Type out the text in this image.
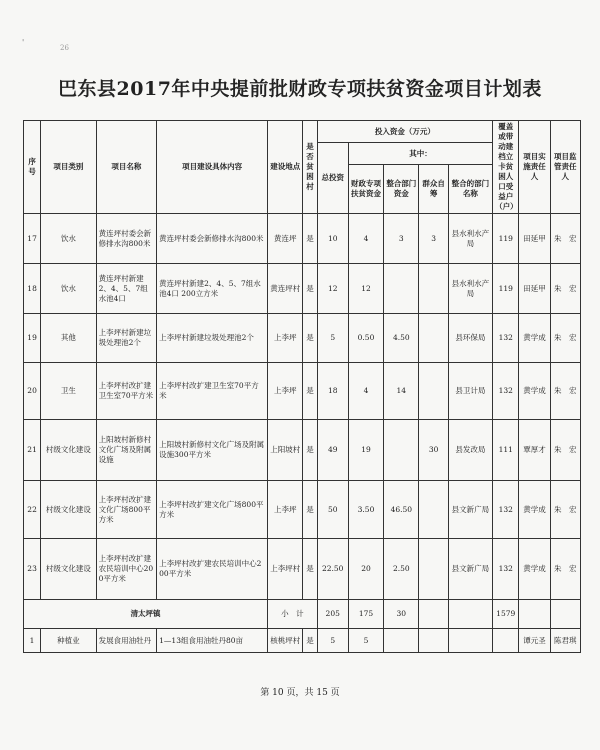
'
26
巴东县2017年中央提前批财政专项扶贫资金项目计划表
序号	项目类别	项目名称	项目建设具体内容	建设地点	是否贫困村	投入资金（万元）					覆盖或带动建档立卡贫困人口受益户（户）	项目实施责任人	项目监管责任人
						总投资	其中：						
							财政专项扶贫资金	整合部门资金	群众自筹	整合的部门名称			
17	饮水	黄连坪村委会新修排水沟800米	黄连坪村委会新修排水沟800米	黄连坪	是	10	4	3	3	县水利水产局	119	田延甲	朱　宏
18	饮水	黄连坪村新建2、4、5、7组水池4口	黄连坪村新建2、4、5、7组水池4口 200立方米	黄连坪村	是	12	12			县水利水产局	119	田延甲	朱　宏
19	其他	上李坪村新建垃圾处理池2个	上李坪村新建垃圾处理池2个	上李坪	是	5	0.50	4.50		县环保局	132	黄学成	朱　宏
20	卫生	上李坪村改扩建卫生室70平方米	上李坪村改扩建卫生室70平方米	上李坪	是	18	4	14		县卫计局	132	黄学成	朱　宏
21	村级文化建设	上阳坡村新修村文化广场及附属设施	上阳坡村新修村文化广场及附属设施300平方米	上阳坡村	是	49	19		30	县发改局	111	覃厚才	朱　宏
22	村级文化建设	上李坪村改扩建文化广场800平方米	上李坪村改扩建文化广场800平方米	上李坪	是	50	3.50	46.50		县文新广局	132	黄学成	朱　宏
23	村级文化建设	上李坪村改扩建农民培训中心200平方米	上李坪村改扩建农民培训中心200平方米	上李坪村	是	22.50	20	2.50		县文新广局	132	黄学成	朱　宏
清太坪镇				小　计		205	175	30			1579		
1	种植业	发展食用油牡丹	1—13组食用油牡丹80亩	核桃坪村	是	5	5					谭元圣	陈君琪
第 10 页，共 15 页
